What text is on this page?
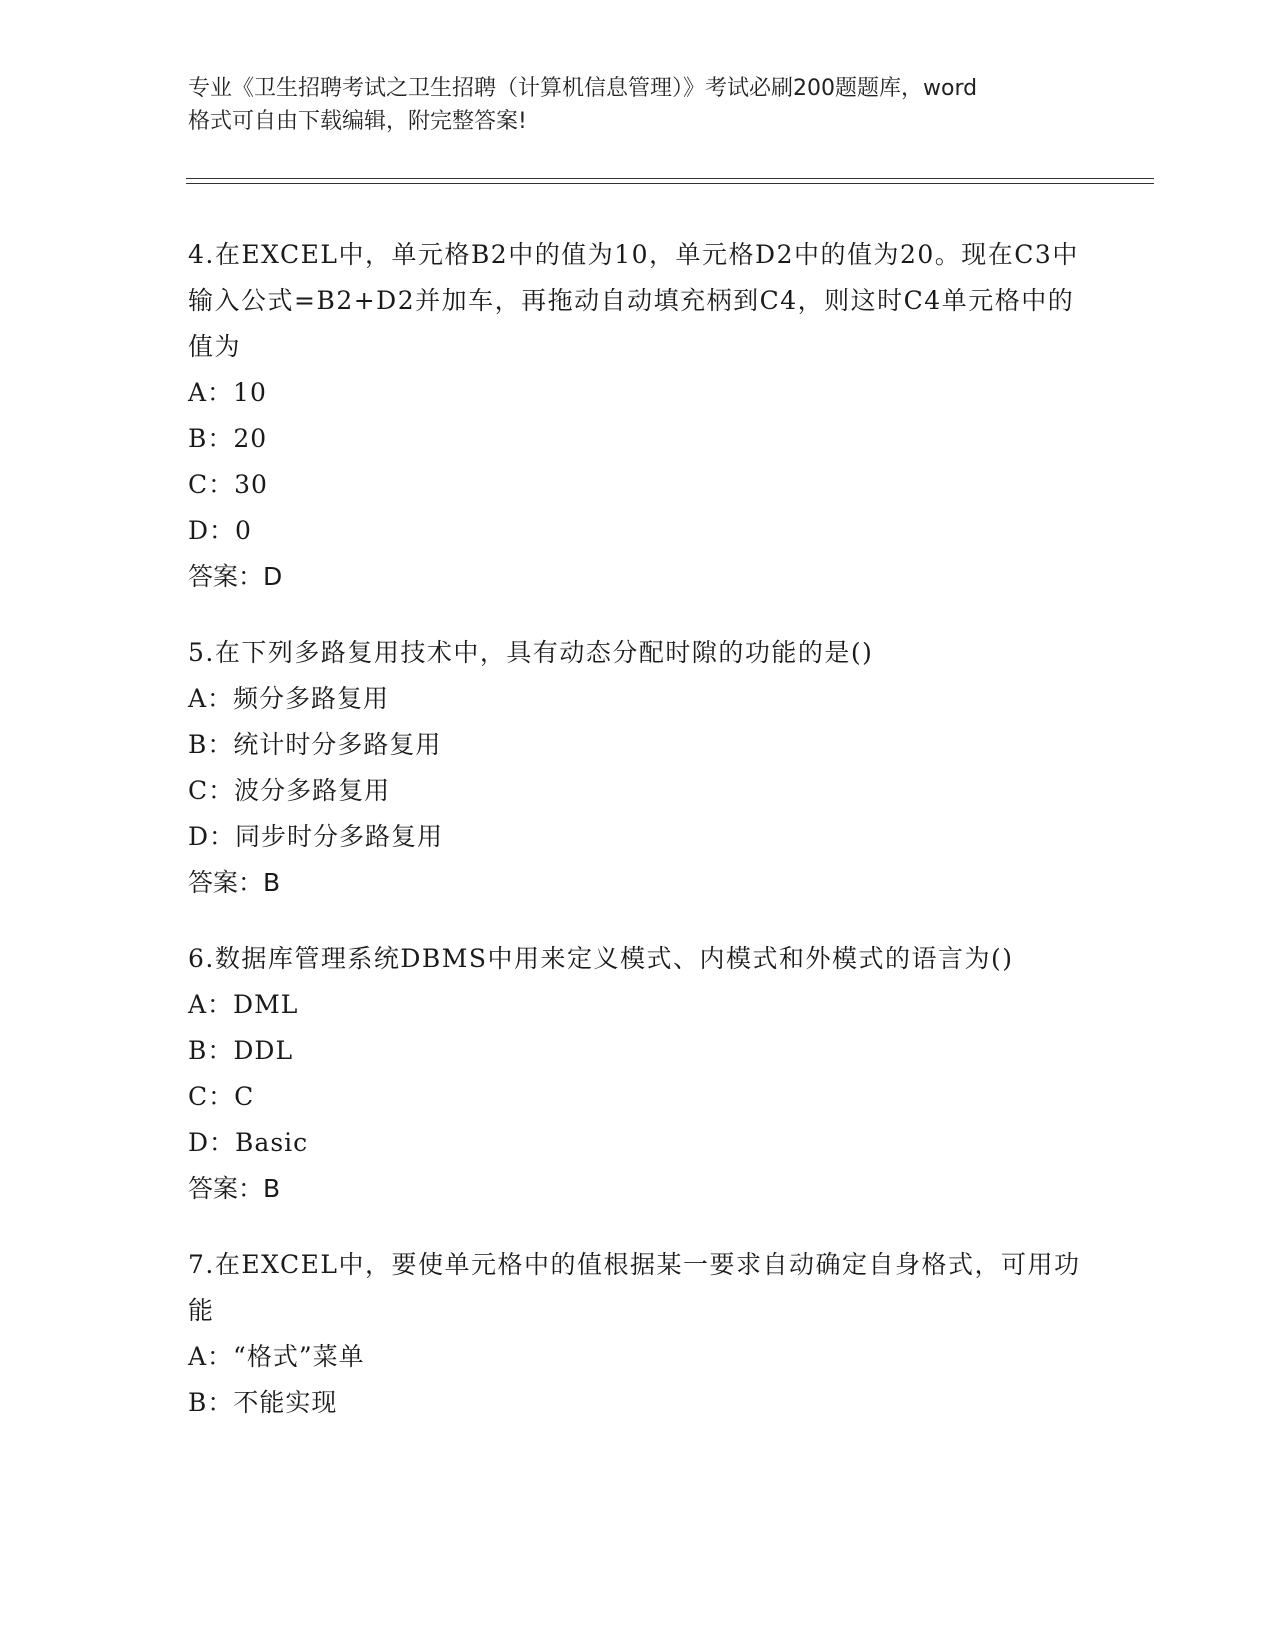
专业《卫生招聘考试之卫生招聘（计算机信息管理）》考试必刷200题题库，word
格式可自由下载编辑，附完整答案!

4.在EXCEL中，单元格B2中的值为10，单元格D2中的值为20。现在C3中输入公式=B2+D2并加车，再拖动自动填充柄到C4，则这时C4单元格中的值为

A：10

B：20

C：30

D：0

答案：D

5.在下列多路复用技术中，具有动态分配时隙的功能的是()

A：频分多路复用

B：统计时分多路复用

C：波分多路复用

D：同步时分多路复用

答案：B

6.数据库管理系统DBMS中用来定义模式、内模式和外模式的语言为()

A：DML

B：DDL

C：C

D：Basic

答案：B

7.在EXCEL中，要使单元格中的值根据某一要求自动确定自身格式，可用功能

A：“格式”菜单

B：不能实现
